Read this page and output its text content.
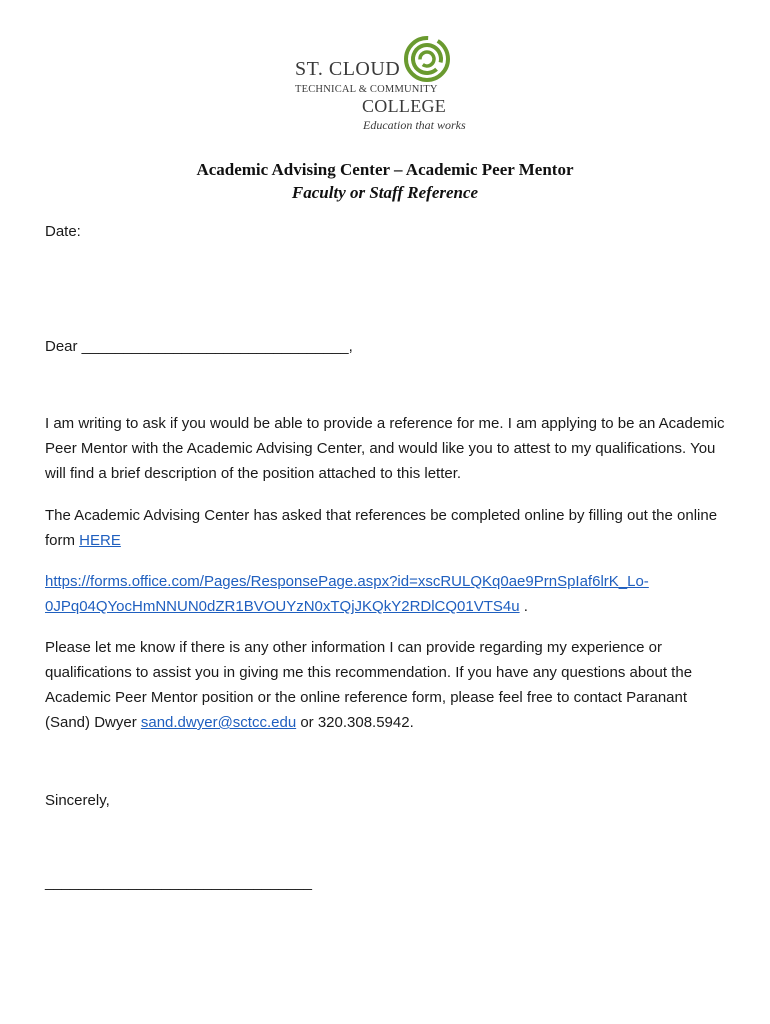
ST. CLOUD
TECHNICAL & COMMUNITY
COLLEGE
Education that works
Academic Advising Center – Academic Peer Mentor
Faculty or Staff Reference
Date:
Dear ________________________________,
I am writing to ask if you would be able to provide a reference for me. I am applying to be an Academic Peer Mentor with the Academic Advising Center, and would like you to attest to my qualifications. You will find a brief description of the position attached to this letter.
The Academic Advising Center has asked that references be completed online by filling out the online form HERE
https://forms.office.com/Pages/ResponsePage.aspx?id=xscRULQKq0ae9PrnSpIaf6lrK_Lo-
0JPq04QYocHmNNUN0dZR1BVOUYzN0xTQjJKQkY2RDlCQ01VTS4u .
Please let me know if there is any other information I can provide regarding my experience or qualifications to assist you in giving me this recommendation. If you have any questions about the Academic Peer Mentor position or the online reference form, please feel free to contact Paranant (Sand) Dwyer sand.dwyer@sctcc.edu or 320.308.5942.
Sincerely,
________________________________
